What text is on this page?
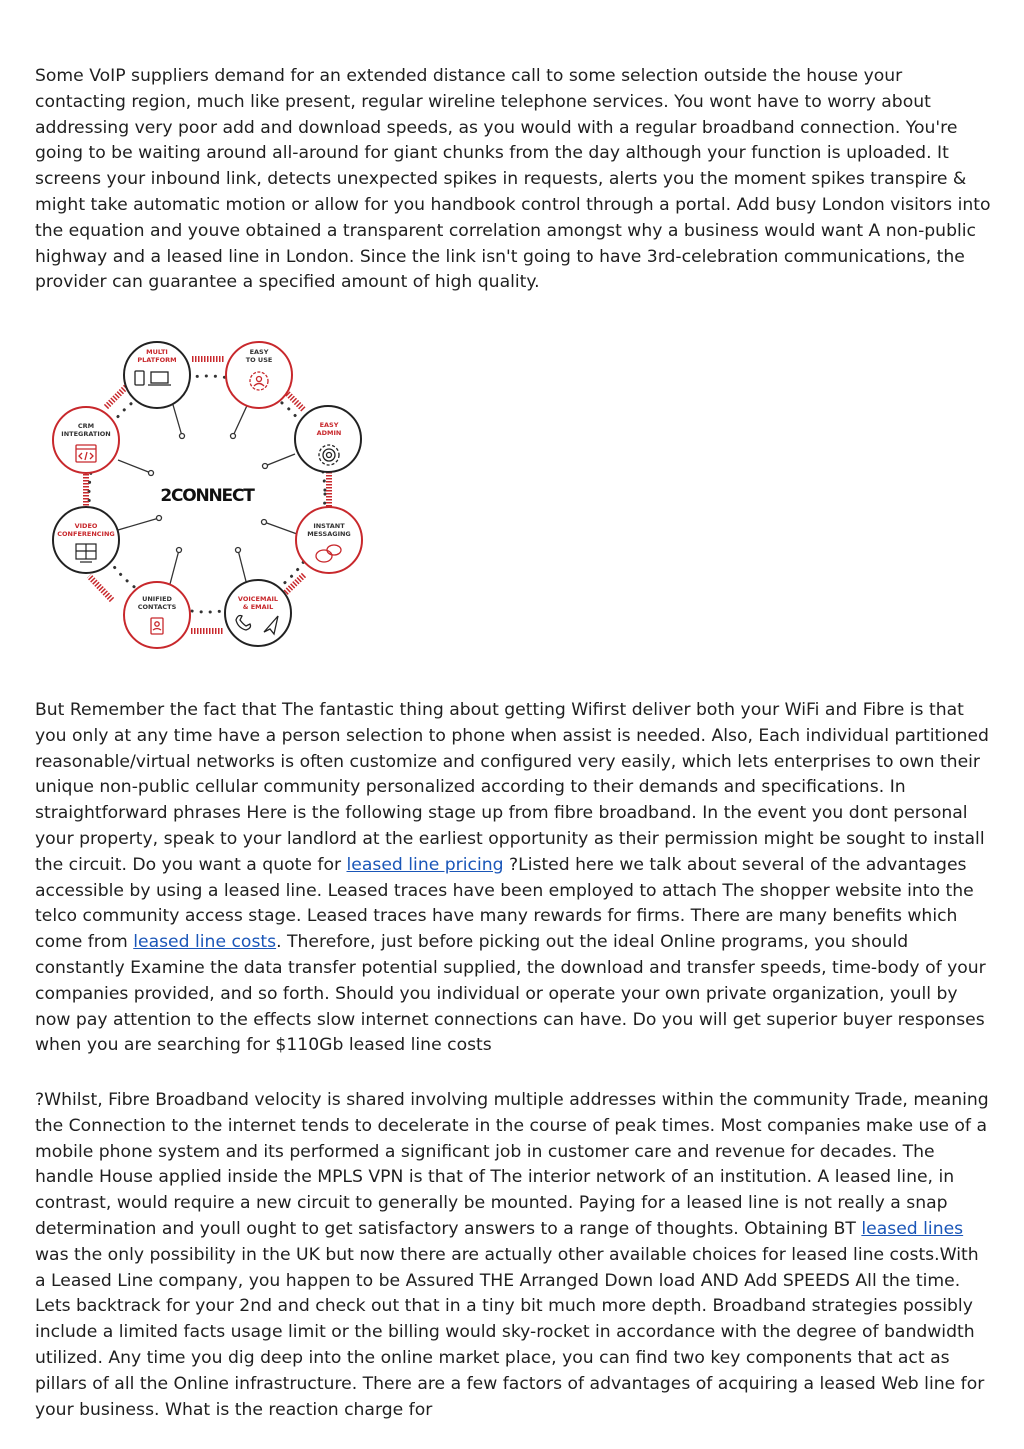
Some VoIP suppliers demand for an extended distance call to some selection outside the house your contacting region, much like present, regular wireline telephone services. You wont have to worry about addressing very poor add and download speeds, as you would with a regular broadband connection. You're going to be waiting around all-around for giant chunks from the day although your function is uploaded. It screens your inbound link, detects unexpected spikes in requests, alerts you the moment spikes transpire & might take automatic motion or allow for you handbook control through a portal. Add busy London visitors into the equation and youve obtained a transparent correlation amongst why a business would want A non-public highway and a leased line in London. Since the link isn't going to have 3rd-celebration communications, the provider can guarantee a specified amount of high quality.

2CONNECT
MULTI
PLATFORM
EASY
TO USE
EASY
ADMIN
INSTANT
MESSAGING
VOICEMAIL
& EMAIL
UNIFIED
CONTACTS
VIDEO
CONFERENCING
CRM
INTEGRATION

But Remember the fact that The fantastic thing about getting Wifirst deliver both your WiFi and Fibre is that you only at any time have a person selection to phone when assist is needed. Also, Each individual partitioned reasonable/virtual networks is often customize and configured very easily, which lets enterprises to own their unique non-public cellular community personalized according to their demands and specifications. In straightforward phrases Here is the following stage up from fibre broadband. In the event you dont personal your property, speak to your landlord at the earliest opportunity as their permission might be sought to install the circuit. Do you want a quote for leased line pricing ?Listed here we talk about several of the advantages accessible by using a leased line. Leased traces have been employed to attach The shopper website into the telco community access stage. Leased traces have many rewards for firms. There are many benefits which come from leased line costs. Therefore, just before picking out the ideal Online programs, you should constantly Examine the data transfer potential supplied, the download and transfer speeds, time-body of your companies provided, and so forth. Should you individual or operate your own private organization, youll by now pay attention to the effects slow internet connections can have. Do you will get superior buyer responses when you are searching for $110Gb leased line costs

?Whilst, Fibre Broadband velocity is shared involving multiple addresses within the community Trade, meaning the Connection to the internet tends to decelerate in the course of peak times. Most companies make use of a mobile phone system and its performed a significant job in customer care and revenue for decades. The handle House applied inside the MPLS VPN is that of The interior network of an institution. A leased line, in contrast, would require a new circuit to generally be mounted. Paying for a leased line is not really a snap determination and youll ought to get satisfactory answers to a range of thoughts. Obtaining BT leased lines was the only possibility in the UK but now there are actually other available choices for leased line costs.With a Leased Line company, you happen to be Assured THE Arranged Down load AND Add SPEEDS All the time. Lets backtrack for your 2nd and check out that in a tiny bit much more depth. Broadband strategies possibly include a limited facts usage limit or the billing would sky-rocket in accordance with the degree of bandwidth utilized. Any time you dig deep into the online market place, you can find two key components that act as pillars of all the Online infrastructure. There are a few factors of advantages of acquiring a leased Web line for your business. What is the reaction charge for
